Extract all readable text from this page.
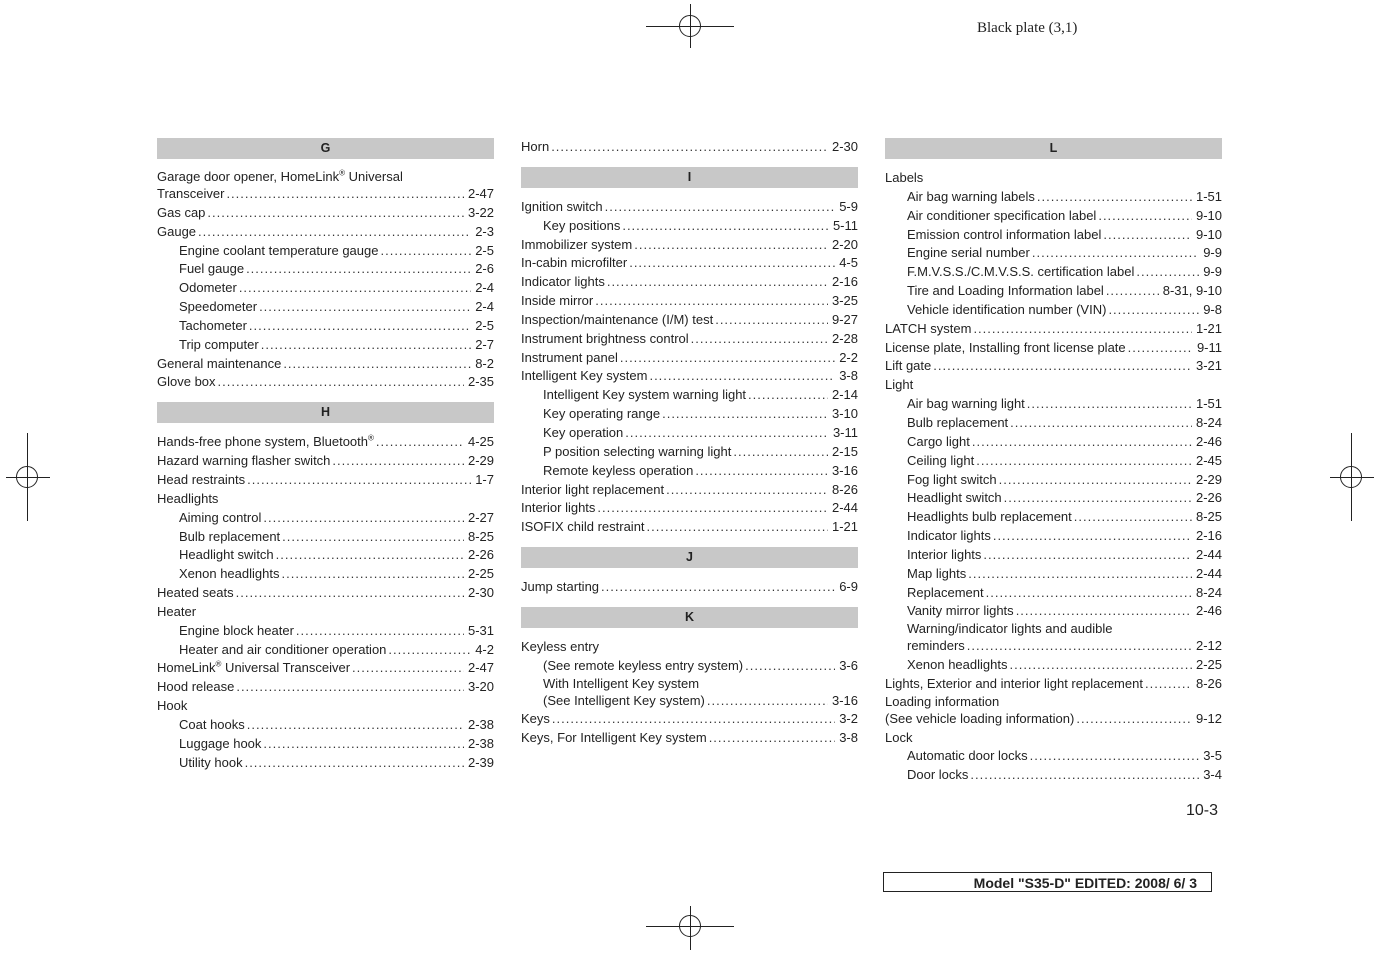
Black plate (3,1)
G
Garage door opener, HomeLink® Universal
Transceiver .....	2-47
Gas cap .....	3-22
Gauge .....	2-3
Engine coolant temperature gauge .....	2-5
Fuel gauge .....	2-6
Odometer .....	2-4
Speedometer .....	2-4
Tachometer .....	2-5
Trip computer .....	2-7
General maintenance .....	8-2
Glove box .....	2-35
H
Hands-free phone system, Bluetooth® .....	4-25
Hazard warning flasher switch .....	2-29
Head restraints .....	1-7
Headlights
Aiming control .....	2-27
Bulb replacement .....	8-25
Headlight switch .....	2-26
Xenon headlights .....	2-25
Heated seats .....	2-30
Heater
Engine block heater .....	5-31
Heater and air conditioner operation .....	4-2
HomeLink® Universal Transceiver .....	2-47
Hood release .....	3-20
Hook
Coat hooks .....	2-38
Luggage hook .....	2-38
Utility hook .....	2-39
Horn .....	2-30
I
Ignition switch .....	5-9
Key positions .....	5-11
Immobilizer system .....	2-20
In-cabin microfilter .....	4-5
Indicator lights .....	2-16
Inside mirror .....	3-25
Inspection/maintenance (I/M) test .....	9-27
Instrument brightness control .....	2-28
Instrument panel .....	2-2
Intelligent Key system .....	3-8
Intelligent Key system warning light .....	2-14
Key operating range .....	3-10
Key operation .....	3-11
P position selecting warning light .....	2-15
Remote keyless operation .....	3-16
Interior light replacement .....	8-26
Interior lights .....	2-44
ISOFIX child restraint .....	1-21
J
Jump starting .....	6-9
K
Keyless entry
(See remote keyless entry system) .....	3-6
With Intelligent Key system
(See Intelligent Key system) .....	3-16
Keys .....	3-2
Keys, For Intelligent Key system .....	3-8
L
Labels
Air bag warning labels .....	1-51
Air conditioner specification label .....	9-10
Emission control information label .....	9-10
Engine serial number .....	9-9
F.M.V.S.S./C.M.V.S.S. certification label .....	9-9
Tire and Loading Information label .....	8-31, 9-10
Vehicle identification number (VIN) .....	9-8
LATCH system .....	1-21
License plate, Installing front license plate .....	9-11
Lift gate .....	3-21
Light
Air bag warning light .....	1-51
Bulb replacement .....	8-24
Cargo light .....	2-46
Ceiling light .....	2-45
Fog light switch .....	2-29
Headlight switch .....	2-26
Headlights bulb replacement .....	8-25
Indicator lights .....	2-16
Interior lights .....	2-44
Map lights .....	2-44
Replacement .....	8-24
Vanity mirror lights .....	2-46
Warning/indicator lights and audible
reminders .....	2-12
Xenon headlights .....	2-25
Lights, Exterior and interior light replacement .....	8-26
Loading information
(See vehicle loading information) .....	9-12
Lock
Automatic door locks .....	3-5
Door locks .....	3-4
10-3
Model "S35-D" EDITED: 2008/ 6/ 3
